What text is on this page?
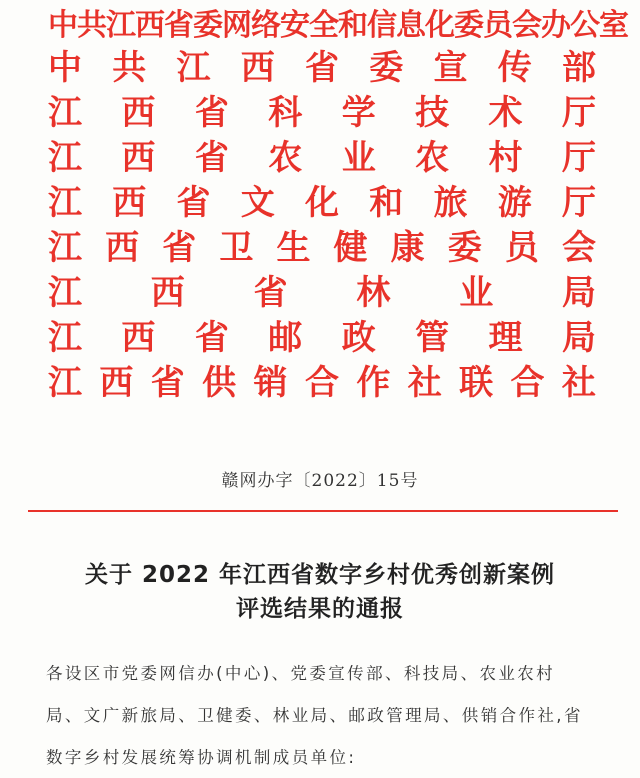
中共江西省委网络安全和信息化委员会办公室
中 共 江 西 省 委 宣 传 部
江 西 省 科 学 技 术 厅
江 西 省 农 业 农 村 厅
江 西 省 文 化 和 旅 游 厅
江 西 省 卫 生 健 康 委 员 会
江 西 省 林 业 局
江 西 省 邮 政 管 理 局
江 西 省 供 销 合 作 社 联 合 社
赣网办字〔2022〕15号
关于 2022 年江西省数字乡村优秀创新案例
评选结果的通报
各设区市党委网信办(中心)、党委宣传部、科技局、农业农村
局、文广新旅局、卫健委、林业局、邮政管理局、供销合作社,省
数字乡村发展统筹协调机制成员单位:
